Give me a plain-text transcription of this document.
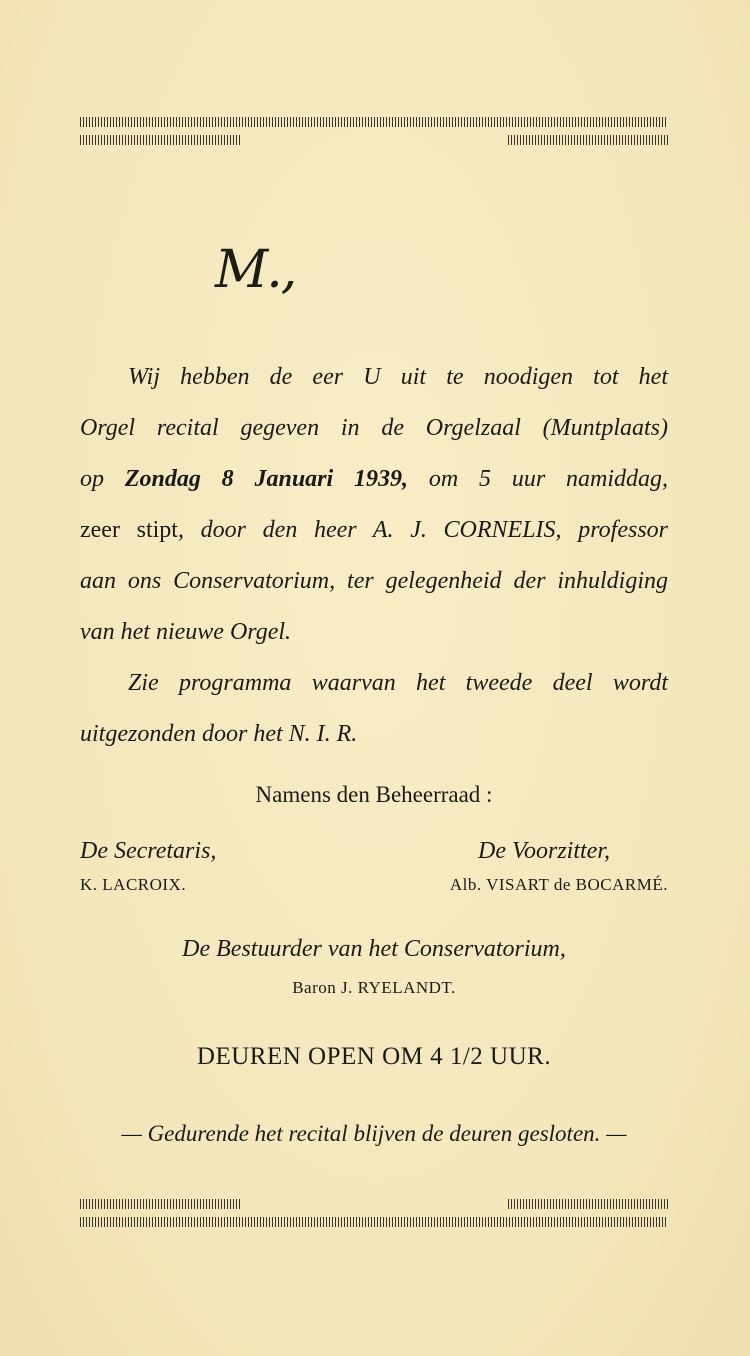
M.,
Wij hebben de eer U uit te noodigen tot het
Orgel recital gegeven in de Orgelzaal (Muntplaats)
op Zondag 8 Januari 1939, om 5 uur namiddag,
zeer stipt, door den heer A. J. CORNELIS, professor
aan ons Conservatorium, ter gelegenheid der inhuldiging
van het nieuwe Orgel.
Zie programma waarvan het tweede deel wordt
uitgezonden door het N. I. R.
Namens den Beheerraad :
De Secretaris,
K. LACROIX.
De Voorzitter,
Alb. VISART de BOCARMÉ.
De Bestuurder van het Conservatorium,
Baron J. RYELANDT.
DEUREN OPEN OM 4 1/2 UUR.
— Gedurende het recital blijven de deuren gesloten. —
